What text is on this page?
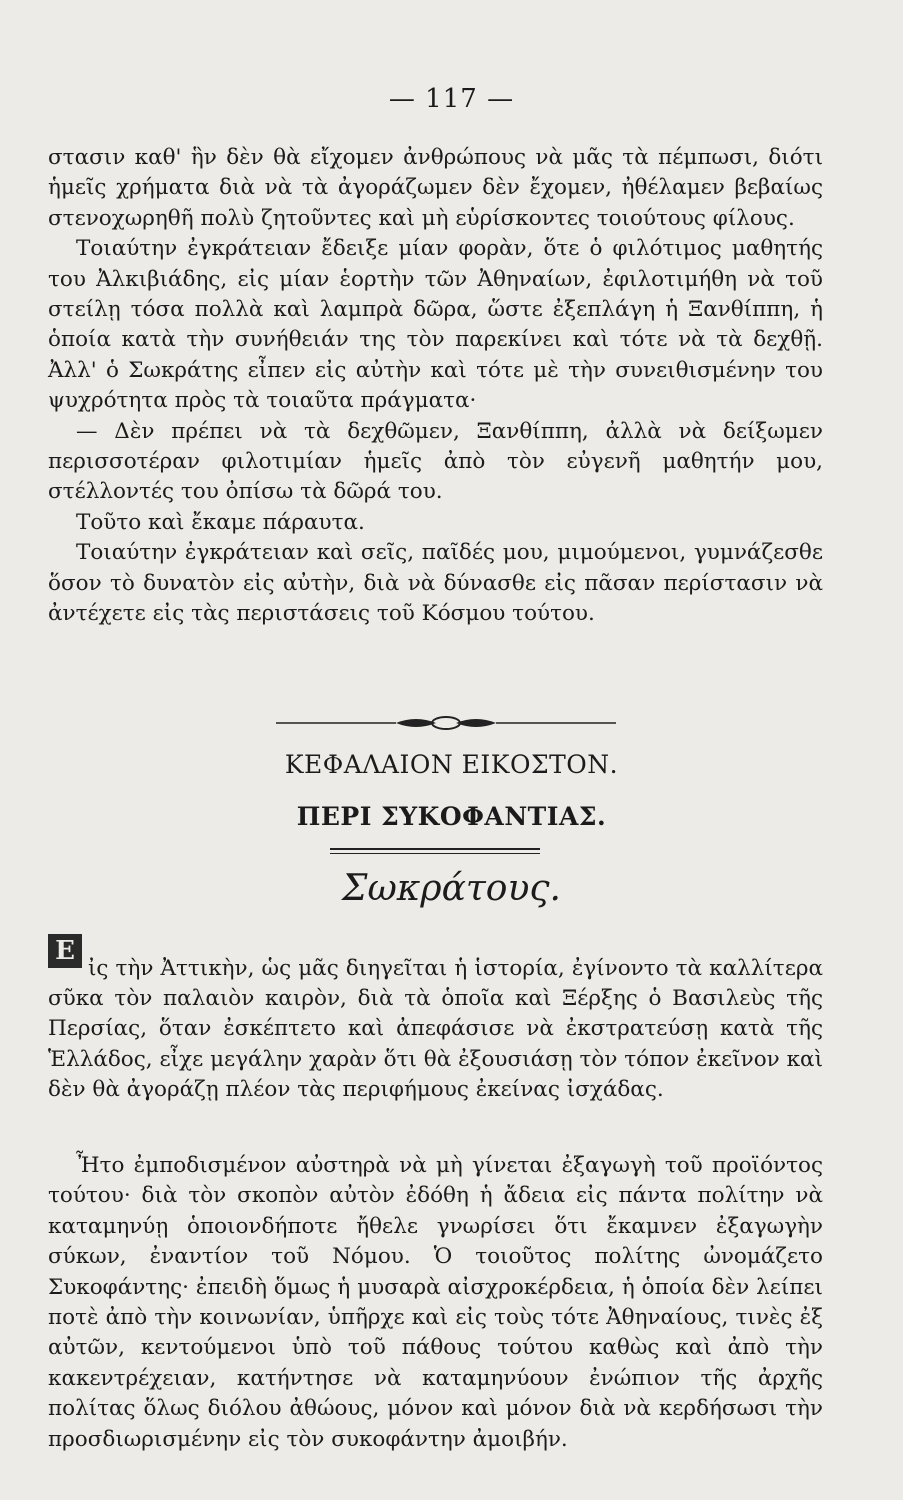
— 117 —

στασιν καθ' ἣν δὲν θὰ εἴχομεν ἀνθρώπους νὰ μᾶς τὰ πέμπωσι, διότι ἡμεῖς χρήματα διὰ νὰ τὰ ἀγοράζωμεν δὲν ἔχομεν, ἠθέλαμεν βεβαίως στενοχωρηθῆ πολὺ ζητοῦντες καὶ μὴ εὑρίσκοντες τοιούτους φίλους.

Τοιαύτην ἐγκράτειαν ἔδειξε μίαν φορὰν, ὅτε ὁ φιλότιμος μαθητής του Ἀλκιβιάδης, εἰς μίαν ἑορτὴν τῶν Ἀθηναίων, ἐφιλοτιμήθη νὰ τοῦ στείλῃ τόσα πολλὰ καὶ λαμπρὰ δῶρα, ὥστε ἐξεπλάγη ἡ Ξανθίππη, ἡ ὁποία κατὰ τὴν συνήθειάν της τὸν παρεκίνει καὶ τότε νὰ τὰ δεχθῇ. Ἀλλ' ὁ Σωκράτης εἶπεν εἰς αὐτὴν καὶ τότε μὲ τὴν συνειθισμένην του ψυχρότητα πρὸς τὰ τοιαῦτα πράγματα·

— Δὲν πρέπει νὰ τὰ δεχθῶμεν, Ξανθίππη, ἀλλὰ νὰ δείξωμεν περισσοτέραν φιλοτιμίαν ἡμεῖς ἀπὸ τὸν εὐγενῆ μαθητήν μου, στέλλοντές του ὀπίσω τὰ δῶρά του.

Τοῦτο καὶ ἔκαμε πάραυτα.

Τοιαύτην ἐγκράτειαν καὶ σεῖς, παῖδές μου, μιμούμενοι, γυμνάζεσθε ὅσον τὸ δυνατὸν εἰς αὐτὴν, διὰ νὰ δύνασθε εἰς πᾶσαν περίστασιν νὰ ἀντέχετε εἰς τὰς περιστάσεις τοῦ Κόσμου τούτου.

ΚΕΦΑΛΑΙΟΝ ΕΙΚΟΣΤΟΝ.
ΠΕΡΙ ΣΥΚΟΦΑΝΤΙΑΣ.
Σωκράτους.
Ε

ἰς τὴν Ἀττικὴν, ὡς μᾶς διηγεῖται ἡ ἱστορία, ἐγίνοντο τὰ καλλίτερα σῦκα τὸν παλαιὸν καιρὸν, διὰ τὰ ὁποῖα καὶ Ξέρξης ὁ Βασιλεὺς τῆς Περσίας, ὅταν ἐσκέπτετο καὶ ἀπεφάσισε νὰ ἐκστρατεύσῃ κατὰ τῆς Ἑλλάδος, εἶχε μεγάλην χαρὰν ὅτι θὰ ἐξουσιάσῃ τὸν τόπον ἐκεῖνον καὶ δὲν θὰ ἀγοράζῃ πλέον τὰς περιφήμους ἐκείνας ἰσχάδας.

Ἦτο ἐμποδισμένον αὐστηρὰ νὰ μὴ γίνεται ἐξαγωγὴ τοῦ προϊόντος τούτου· διὰ τὸν σκοπὸν αὐτὸν ἐδόθη ἡ ἄδεια εἰς πάντα πολίτην νὰ καταμηνύῃ ὁποιονδήποτε ἤθελε γνωρίσει ὅτι ἔκαμνεν ἐξαγωγὴν σύκων, ἐναντίον τοῦ Νόμου. Ὁ τοιοῦτος πολίτης ὠνομάζετο Συκοφάντης· ἐπειδὴ ὅμως ἡ μυσαρὰ αἰσχροκέρδεια, ἡ ὁποία δὲν λείπει ποτὲ ἀπὸ τὴν κοινωνίαν, ὑπῆρχε καὶ εἰς τοὺς τότε Ἀθηναίους, τινὲς ἐξ αὐτῶν, κεντούμενοι ὑπὸ τοῦ πάθους τούτου καθὼς καὶ ἀπὸ τὴν κακεντρέχειαν, κατήντησε νὰ καταμηνύουν ἐνώπιον τῆς ἀρχῆς πολίτας ὅλως διόλου ἀθώους, μόνον καὶ μόνον διὰ νὰ κερδήσωσι τὴν προσδιωρισμένην εἰς τὸν συκοφάντην ἀμοιβήν.
